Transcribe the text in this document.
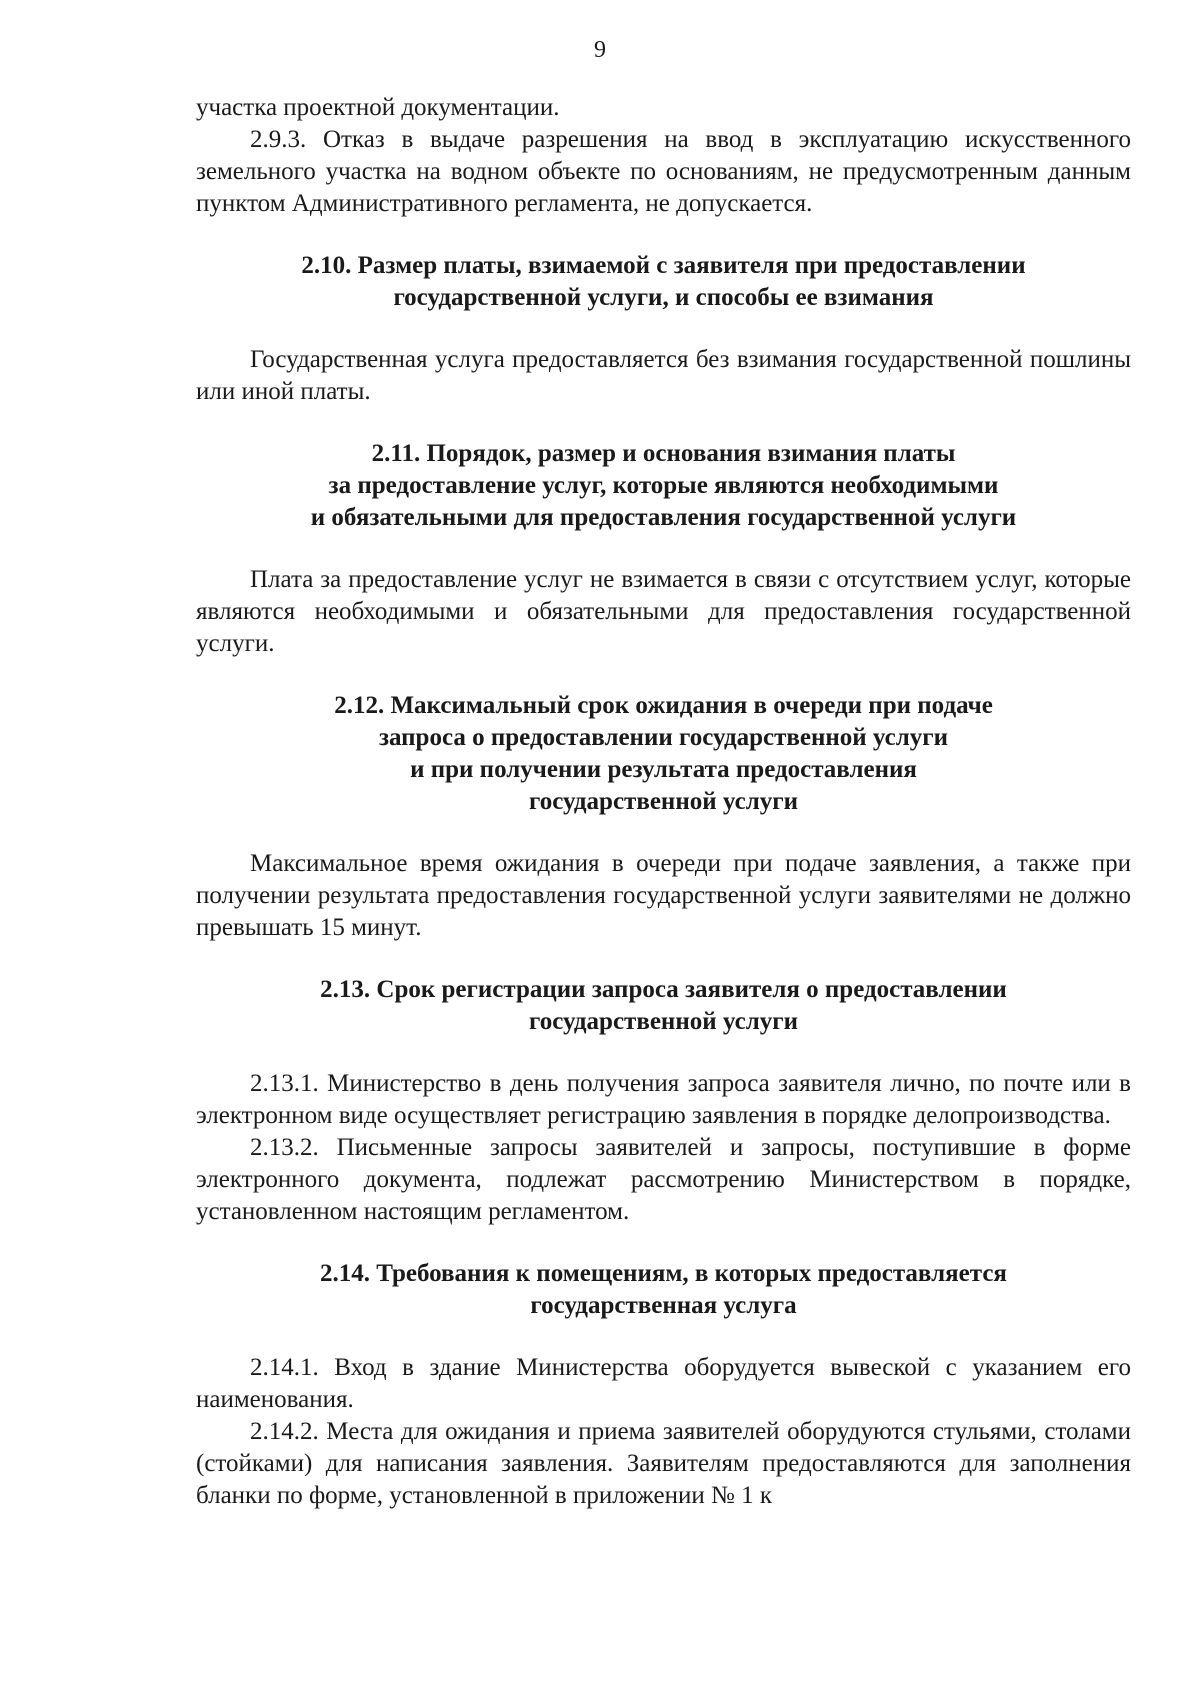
9

участка проектной документации.

2.9.3. Отказ в выдаче разрешения на ввод в эксплуатацию искусственного земельного участка на водном объекте по основаниям, не предусмотренным данным пунктом Административного регламента, не допускается.

2.10. Размер платы, взимаемой с заявителя при предоставлении
государственной услуги, и способы ее взимания

Государственная услуга предоставляется без взимания государственной пошлины или иной платы.

2.11. Порядок, размер и основания взимания платы
за предоставление услуг, которые являются необходимыми
и обязательными для предоставления государственной услуги

Плата за предоставление услуг не взимается в связи с отсутствием услуг, которые являются необходимыми и обязательными для предоставления государственной услуги.

2.12. Максимальный срок ожидания в очереди при подаче
запроса о предоставлении государственной услуги
и при получении результата предоставления
государственной услуги

Максимальное время ожидания в очереди при подаче заявления, а также при получении результата предоставления государственной услуги заявителями не должно превышать 15 минут.

2.13. Срок регистрации запроса заявителя о предоставлении
государственной услуги

2.13.1. Министерство в день получения запроса заявителя лично, по почте или в электронном виде осуществляет регистрацию заявления в порядке делопроизводства.

2.13.2. Письменные запросы заявителей и запросы, поступившие в форме электронного документа, подлежат рассмотрению Министерством в порядке, установленном настоящим регламентом.

2.14. Требования к помещениям, в которых предоставляется
государственная услуга

2.14.1. Вход в здание Министерства оборудуется вывеской с указанием его наименования.

2.14.2. Места для ожидания и приема заявителей оборудуются стульями, столами (стойками) для написания заявления. Заявителям предоставляются для заполнения бланки по форме, установленной в приложении № 1 к
